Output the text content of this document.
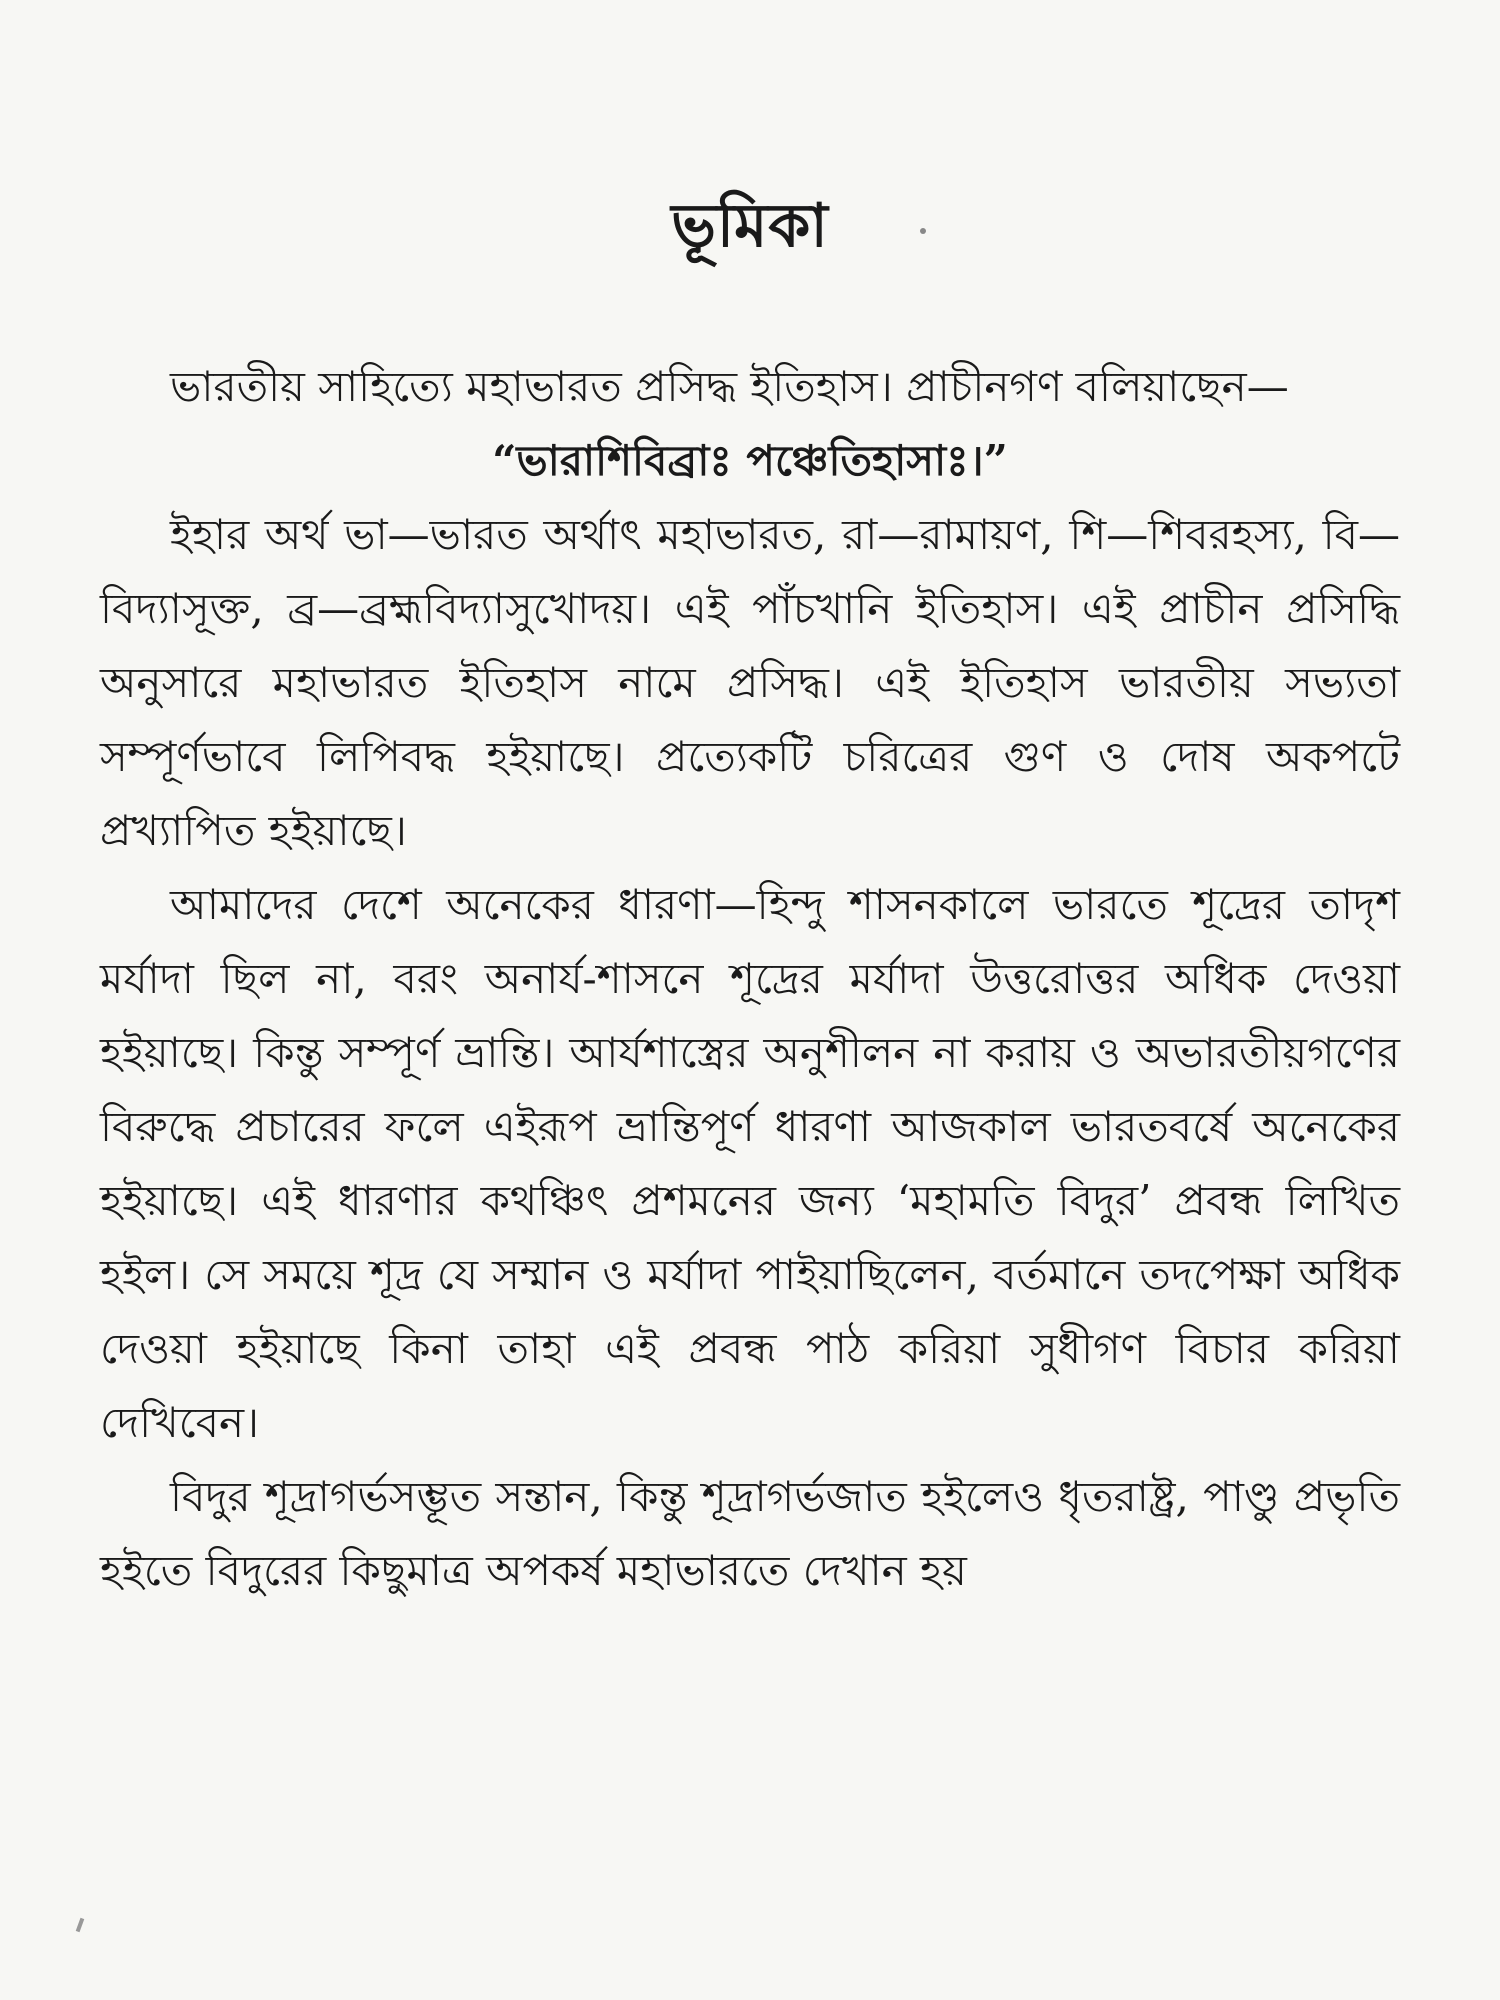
ভূমিকা

ভারতীয় সাহিত্যে মহাভারত প্রসিদ্ধ ইতিহাস। প্রাচীনগণ বলিয়াছেন—

“ভারাশিবিব্রাঃ পঞ্চেতিহাসাঃ।”

ইহার অর্থ ভা—ভারত অর্থাৎ মহাভারত, রা—রামায়ণ, শি—শিবরহস্য, বি—বিদ্যাসূক্ত, ব্র—ব্রহ্মবিদ্যাসুখোদয়। এই পাঁচখানি ইতিহাস। এই প্রাচীন প্রসিদ্ধি অনুসারে মহাভারত ইতিহাস নামে প্রসিদ্ধ। এই ইতিহাস ভারতীয় সভ্যতা সম্পূর্ণভাবে লিপিবদ্ধ হইয়াছে। প্রত্যেকটি চরিত্রের গুণ ও দোষ অকপটে প্রখ্যাপিত হইয়াছে।

আমাদের দেশে অনেকের ধারণা—হিন্দু শাসনকালে ভারতে শূদ্রের তাদৃশ মর্যাদা ছিল না, বরং অনার্য-শাসনে শূদ্রের মর্যাদা উত্তরোত্তর অধিক দেওয়া হইয়াছে। কিন্তু সম্পূর্ণ ভ্রান্তি। আর্যশাস্ত্রের অনুশীলন না করায় ও অভারতীয়গণের বিরুদ্ধে প্রচারের ফলে এইরূপ ভ্রান্তিপূর্ণ ধারণা আজকাল ভারতবর্ষে অনেকের হইয়াছে। এই ধারণার কথঞ্চিৎ প্রশমনের জন্য ‘মহামতি বিদুর’ প্রবন্ধ লিখিত হইল। সে সময়ে শূদ্র যে সম্মান ও মর্যাদা পাইয়াছিলেন, বর্তমানে তদপেক্ষা অধিক দেওয়া হইয়াছে কিনা তাহা এই প্রবন্ধ পাঠ করিয়া সুধীগণ বিচার করিয়া দেখিবেন।

বিদুর শূদ্রাগর্ভসম্ভূত সন্তান, কিন্তু শূদ্রাগর্ভজাত হইলেও ধৃতরাষ্ট্র, পাণ্ডু প্রভৃতি হইতে বিদুরের কিছুমাত্র অপকর্ষ মহাভারতে দেখান হয়
